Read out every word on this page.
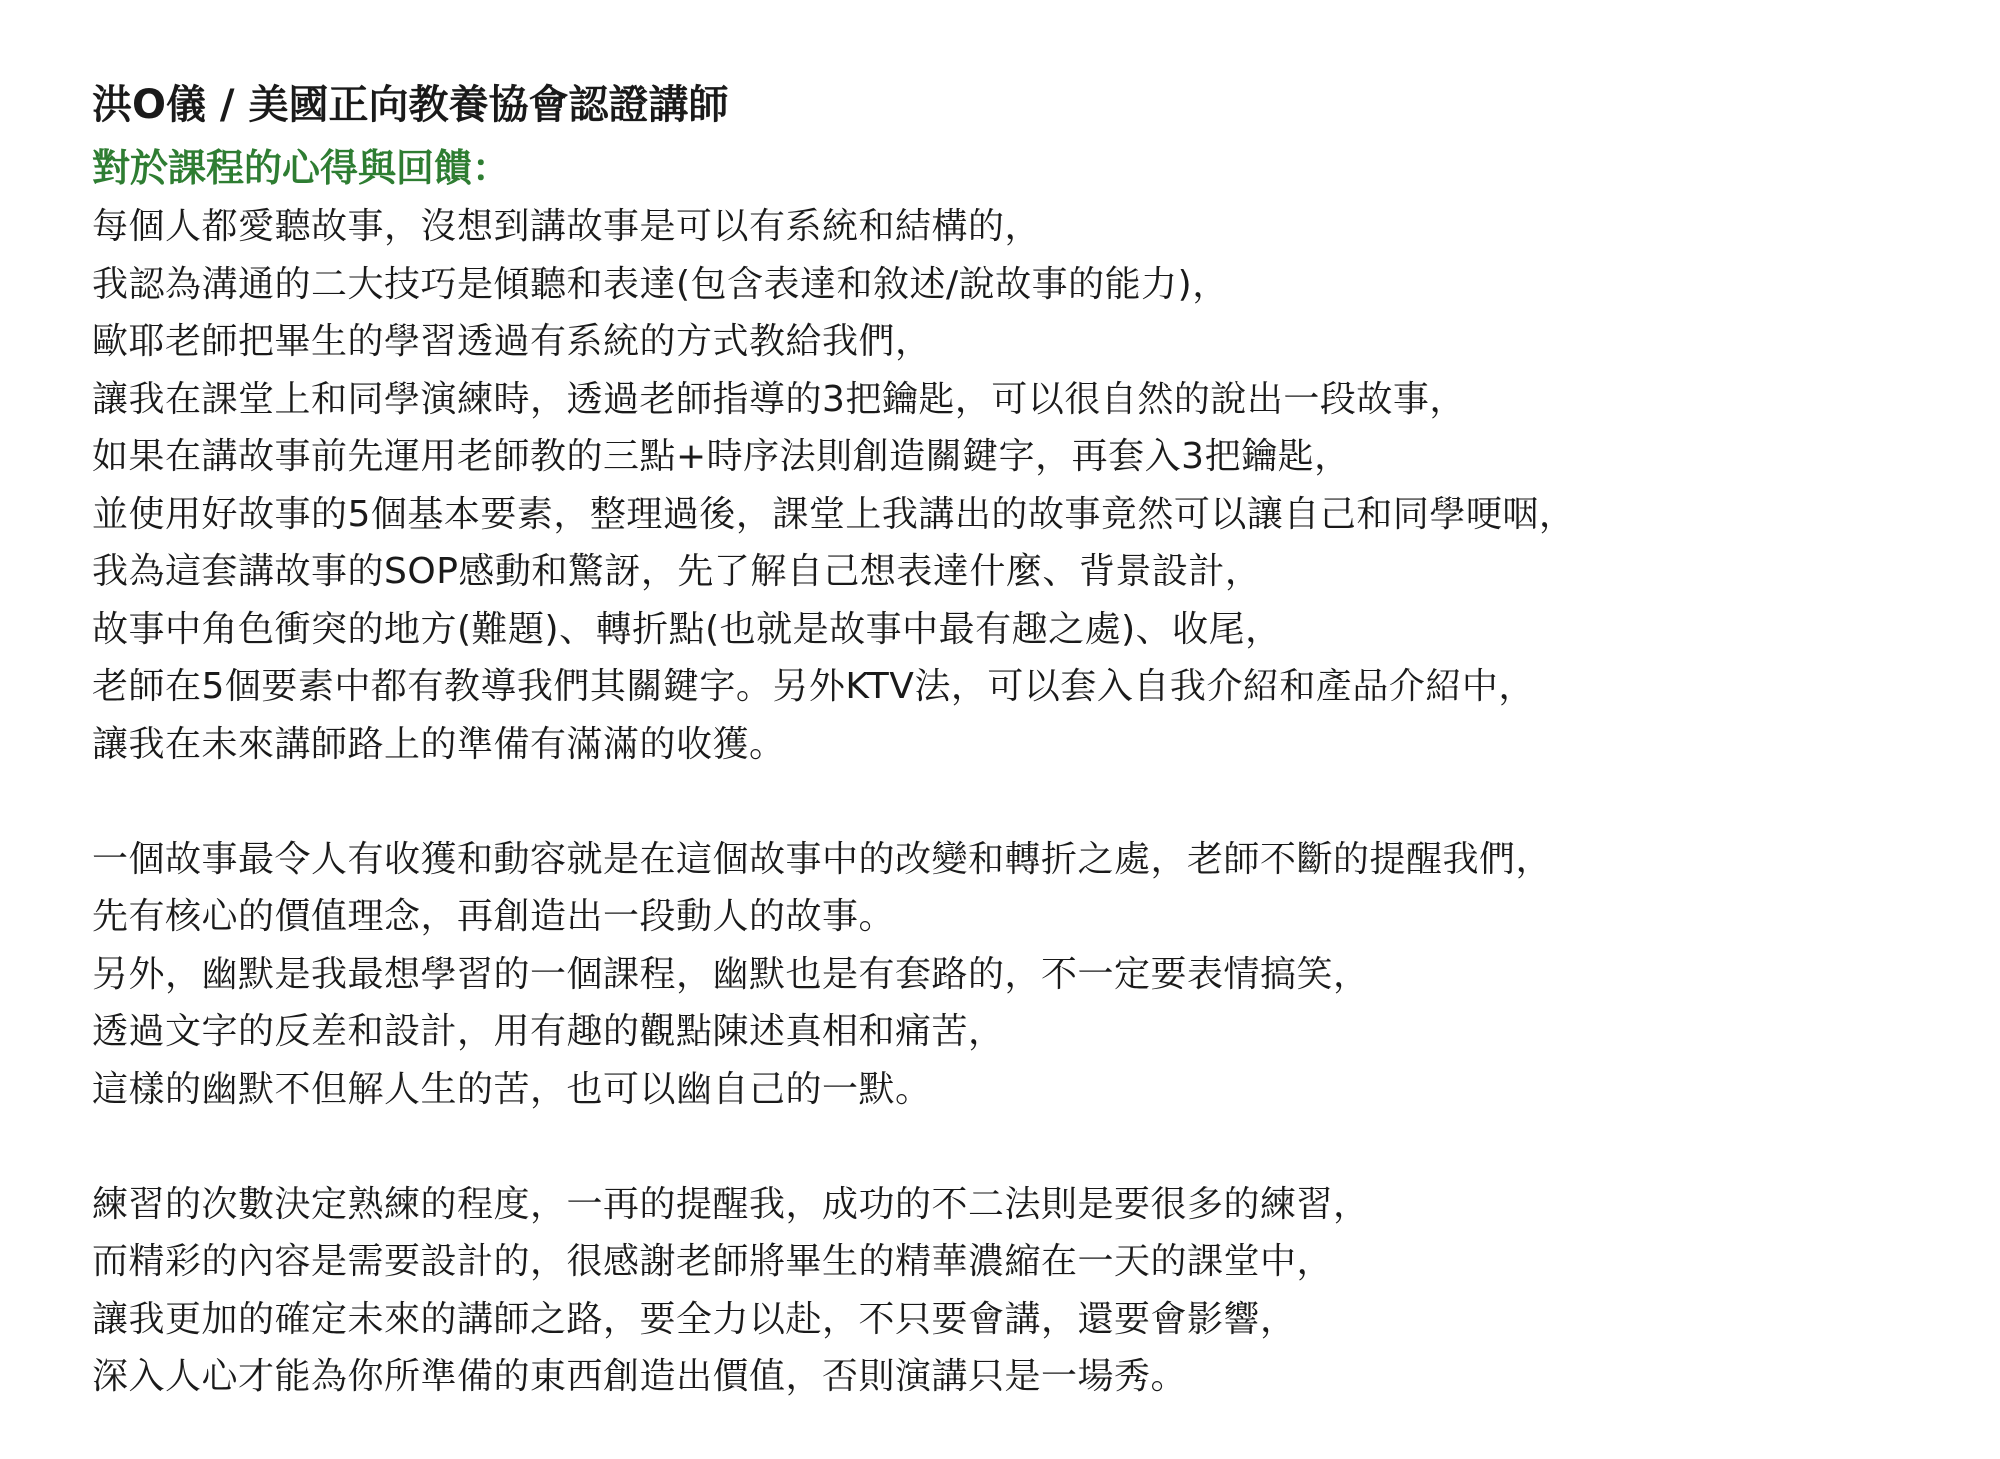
洪O儀 / 美國正向教養協會認證講師
對於課程的心得與回饋：
每個人都愛聽故事，沒想到講故事是可以有系統和結構的，
我認為溝通的二大技巧是傾聽和表達(包含表達和敘述/說故事的能力)，
歐耶老師把畢生的學習透過有系統的方式教給我們，
讓我在課堂上和同學演練時，透過老師指導的3把鑰匙，可以很自然的說出一段故事，
如果在講故事前先運用老師教的三點+時序法則創造關鍵字，再套入3把鑰匙，
並使用好故事的5個基本要素，整理過後，課堂上我講出的故事竟然可以讓自己和同學哽咽，
我為這套講故事的SOP感動和驚訝，先了解自己想表達什麼、背景設計，
故事中角色衝突的地方(難題)、轉折點(也就是故事中最有趣之處)、收尾，
老師在5個要素中都有教導我們其關鍵字。另外KTV法，可以套入自我介紹和產品介紹中，
讓我在未來講師路上的準備有滿滿的收獲。
一個故事最令人有收獲和動容就是在這個故事中的改變和轉折之處，老師不斷的提醒我們，
先有核心的價值理念，再創造出一段動人的故事。
另外，幽默是我最想學習的一個課程，幽默也是有套路的，不一定要表情搞笑，
透過文字的反差和設計，用有趣的觀點陳述真相和痛苦，
這樣的幽默不但解人生的苦，也可以幽自己的一默。
練習的次數決定熟練的程度，一再的提醒我，成功的不二法則是要很多的練習，
而精彩的內容是需要設計的，很感謝老師將畢生的精華濃縮在一天的課堂中，
讓我更加的確定未來的講師之路，要全力以赴，不只要會講，還要會影響，
深入人心才能為你所準備的東西創造出價值，否則演講只是一場秀。
